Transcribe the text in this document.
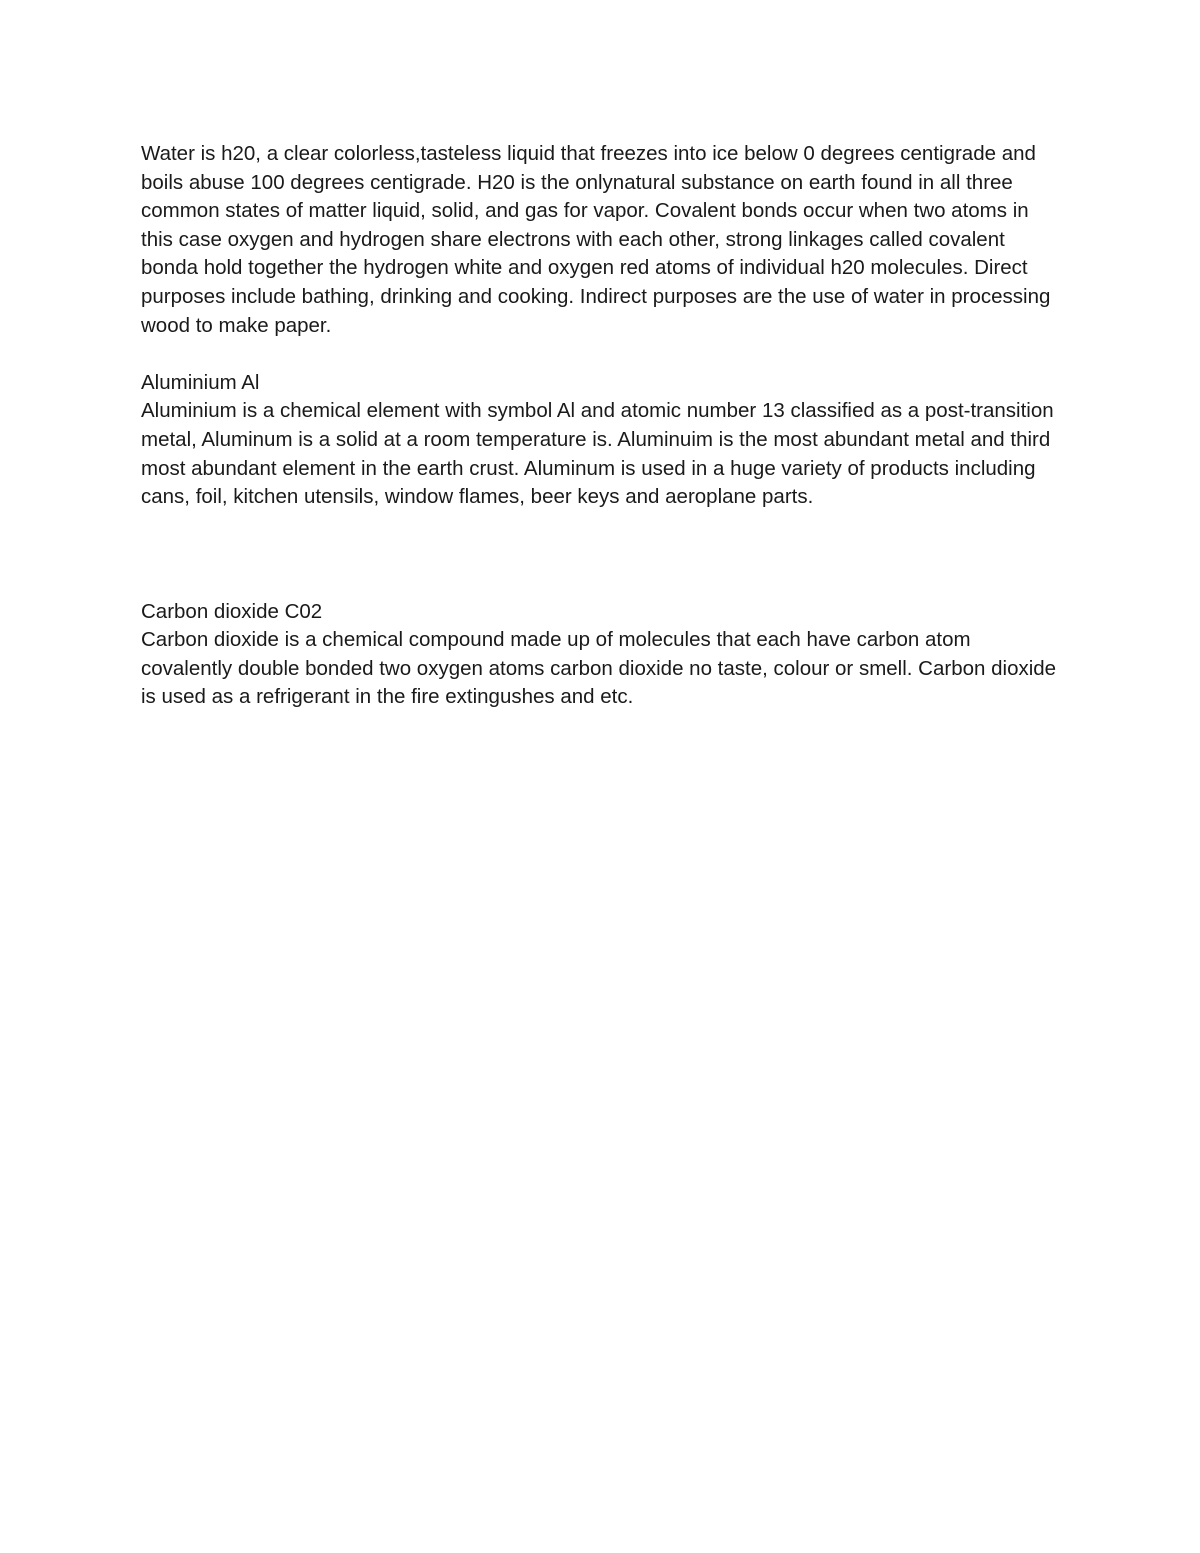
Water is h20, a clear colorless,tasteless liquid that freezes into ice below 0 degrees centigrade and boils abuse 100 degrees centigrade. H20 is the onlynatural substance on earth found in all three common states of matter liquid, solid, and gas for vapor. Covalent bonds occur when two atoms in this case oxygen and hydrogen share electrons with each other, strong linkages called covalent bonda hold together the hydrogen white and oxygen red atoms of individual h20 molecules. Direct purposes include bathing, drinking and cooking. Indirect purposes are the use of water in processing wood to make paper.

Aluminium Al

Aluminium is a chemical element with symbol Al and atomic number 13 classified as a post-transition metal, Aluminum is a solid at a room temperature is. Aluminuim is the most abundant metal and third most abundant element in the earth crust. Aluminum is used in a huge variety of products including cans, foil, kitchen utensils, window flames, beer keys and aeroplane parts.

Carbon dioxide C02

Carbon dioxide is a chemical compound made up of molecules that each have carbon atom covalently double bonded two oxygen atoms carbon dioxide no taste, colour or smell. Carbon dioxide is used as a refrigerant in the fire extingushes and etc.
